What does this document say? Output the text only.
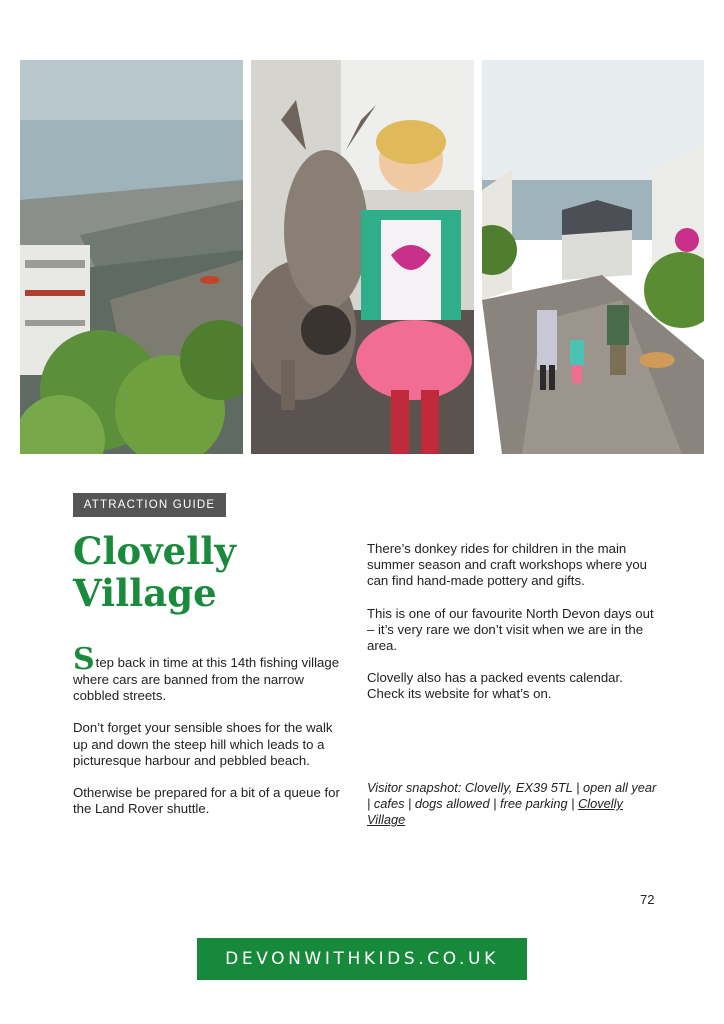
ATTRACTION GUIDE
Clovelly
Village

Step back in time at this 14th fishing village where cars are banned from the narrow cobbled streets.

Don’t forget your sensible shoes for the walk up and down the steep hill which leads to a picturesque harbour and pebbled beach.

Otherwise be prepared for a bit of a queue for the Land Rover shuttle.

There’s donkey rides for children in the main summer season and craft workshops where you can find hand-made pottery and gifts.

This is one of our favourite North Devon days out – it’s very rare we don’t visit when we are in the area.

Clovelly also has a packed events calendar. Check its website for what’s on.

Visitor snapshot: Clovelly, EX39 5TL | open all year | cafes | dogs allowed | free parking | Clovelly Village
72
DEVONWITHKIDS.CO.UK
